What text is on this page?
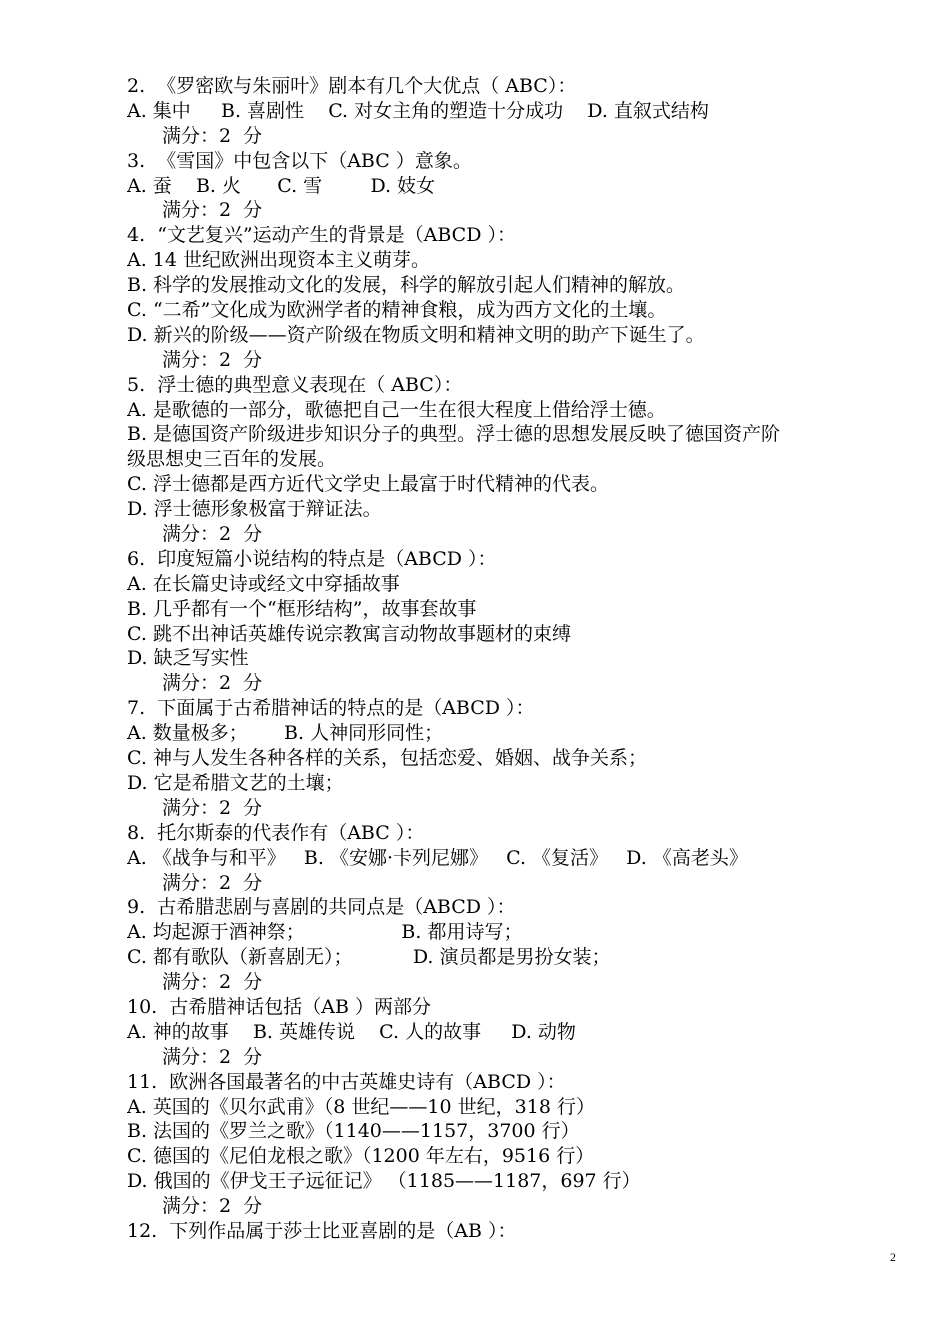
2.  《罗密欧与朱丽叶》剧本有几个大优点（ ABC）：
A. 集中     B. 喜剧性    C. 对女主角的塑造十分成功    D. 直叙式结构
满分：2  分
3.  《雪国》中包含以下（ABC ）意象。
A. 蚕    B. 火      C. 雪        D. 妓女
满分：2  分
4.  “文艺复兴”运动产生的背景是（ABCD ）：
A. 14 世纪欧洲出现资本主义萌芽。
B. 科学的发展推动文化的发展，科学的解放引起人们精神的解放。
C. “二希”文化成为欧洲学者的精神食粮，成为西方文化的土壤。
D. 新兴的阶级——资产阶级在物质文明和精神文明的助产下诞生了。
满分：2  分
5.  浮士德的典型意义表现在（ ABC）：
A. 是歌德的一部分，歌德把自己一生在很大程度上借给浮士德。
B. 是德国资产阶级进步知识分子的典型。浮士德的思想发展反映了德国资产阶
级思想史三百年的发展。
C. 浮士德都是西方近代文学史上最富于时代精神的代表。
D. 浮士德形象极富于辩证法。
满分：2  分
6.  印度短篇小说结构的特点是（ABCD ）：
A. 在长篇史诗或经文中穿插故事
B. 几乎都有一个“框形结构”，故事套故事
C. 跳不出神话英雄传说宗教寓言动物故事题材的束缚
D. 缺乏写实性
满分：2  分
7.  下面属于古希腊神话的特点的是（ABCD ）：
A. 数量极多；      B. 人神同形同性；
C. 神与人发生各种各样的关系，包括恋爱、婚姻、战争关系；
D. 它是希腊文艺的土壤；
满分：2  分
8.  托尔斯泰的代表作有（ABC ）：
A. 《战争与和平》   B. 《安娜·卡列尼娜》   C. 《复活》   D. 《高老头》
满分：2  分
9.  古希腊悲剧与喜剧的共同点是（ABCD ）：
A. 均起源于酒神祭；                B. 都用诗写；
C. 都有歌队（新喜剧无）；          D. 演员都是男扮女装；
满分：2  分
10.  古希腊神话包括（AB ）两部分
A. 神的故事    B. 英雄传说    C. 人的故事     D. 动物
满分：2  分
11.  欧洲各国最著名的中古英雄史诗有（ABCD ）：
A. 英国的《贝尔武甫》（8 世纪——10 世纪，318 行）
B. 法国的《罗兰之歌》（1140——1157，3700 行）
C. 德国的《尼伯龙根之歌》（1200 年左右，9516 行）
D. 俄国的《伊戈王子远征记》 （1185——1187，697 行）
满分：2  分
12.  下列作品属于莎士比亚喜剧的是（AB ）：
2
